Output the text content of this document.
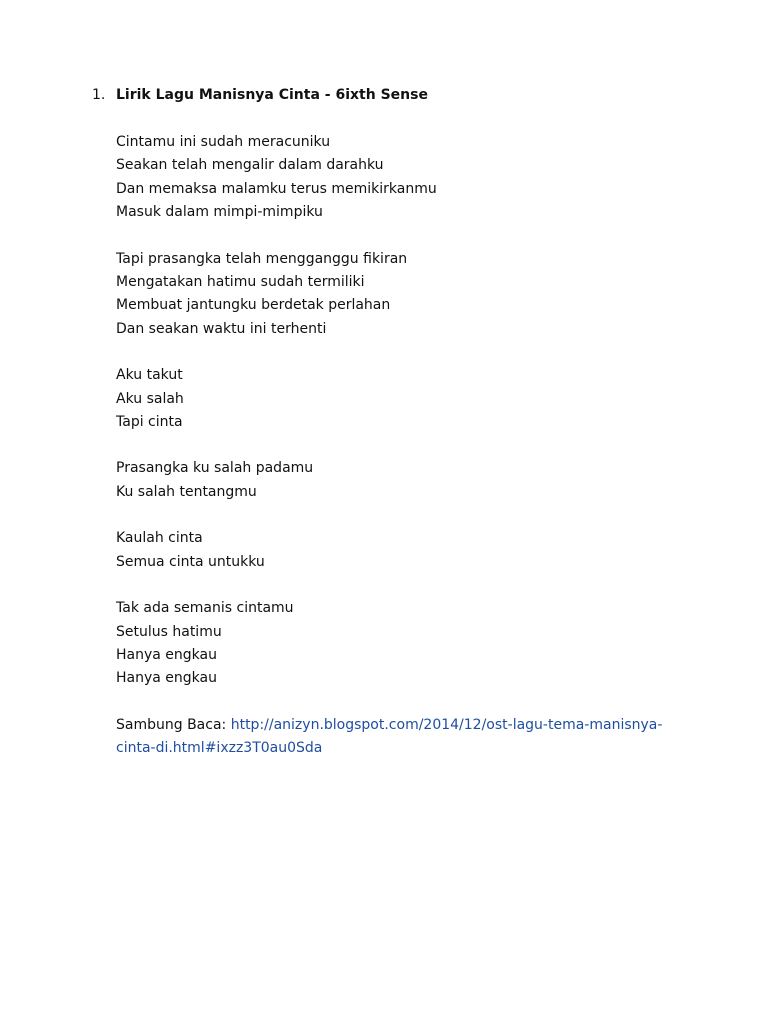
1. Lirik Lagu Manisnya Cinta - 6ixth Sense
Cintamu ini sudah meracuniku
Seakan telah mengalir dalam darahku
Dan memaksa malamku terus memikirkanmu
Masuk dalam mimpi-mimpiku
Tapi prasangka telah mengganggu fikiran
Mengatakan hatimu sudah termiliki
Membuat jantungku berdetak perlahan
Dan seakan waktu ini terhenti
Aku takut
Aku salah
Tapi cinta
Prasangka ku salah padamu
Ku salah tentangmu
Kaulah cinta
Semua cinta untukku
Tak ada semanis cintamu
Setulus hatimu
Hanya engkau
Hanya engkau
Sambung Baca: http://anizyn.blogspot.com/2014/12/ost-lagu-tema-manisnya-
cinta-di.html#ixzz3T0au0Sda
